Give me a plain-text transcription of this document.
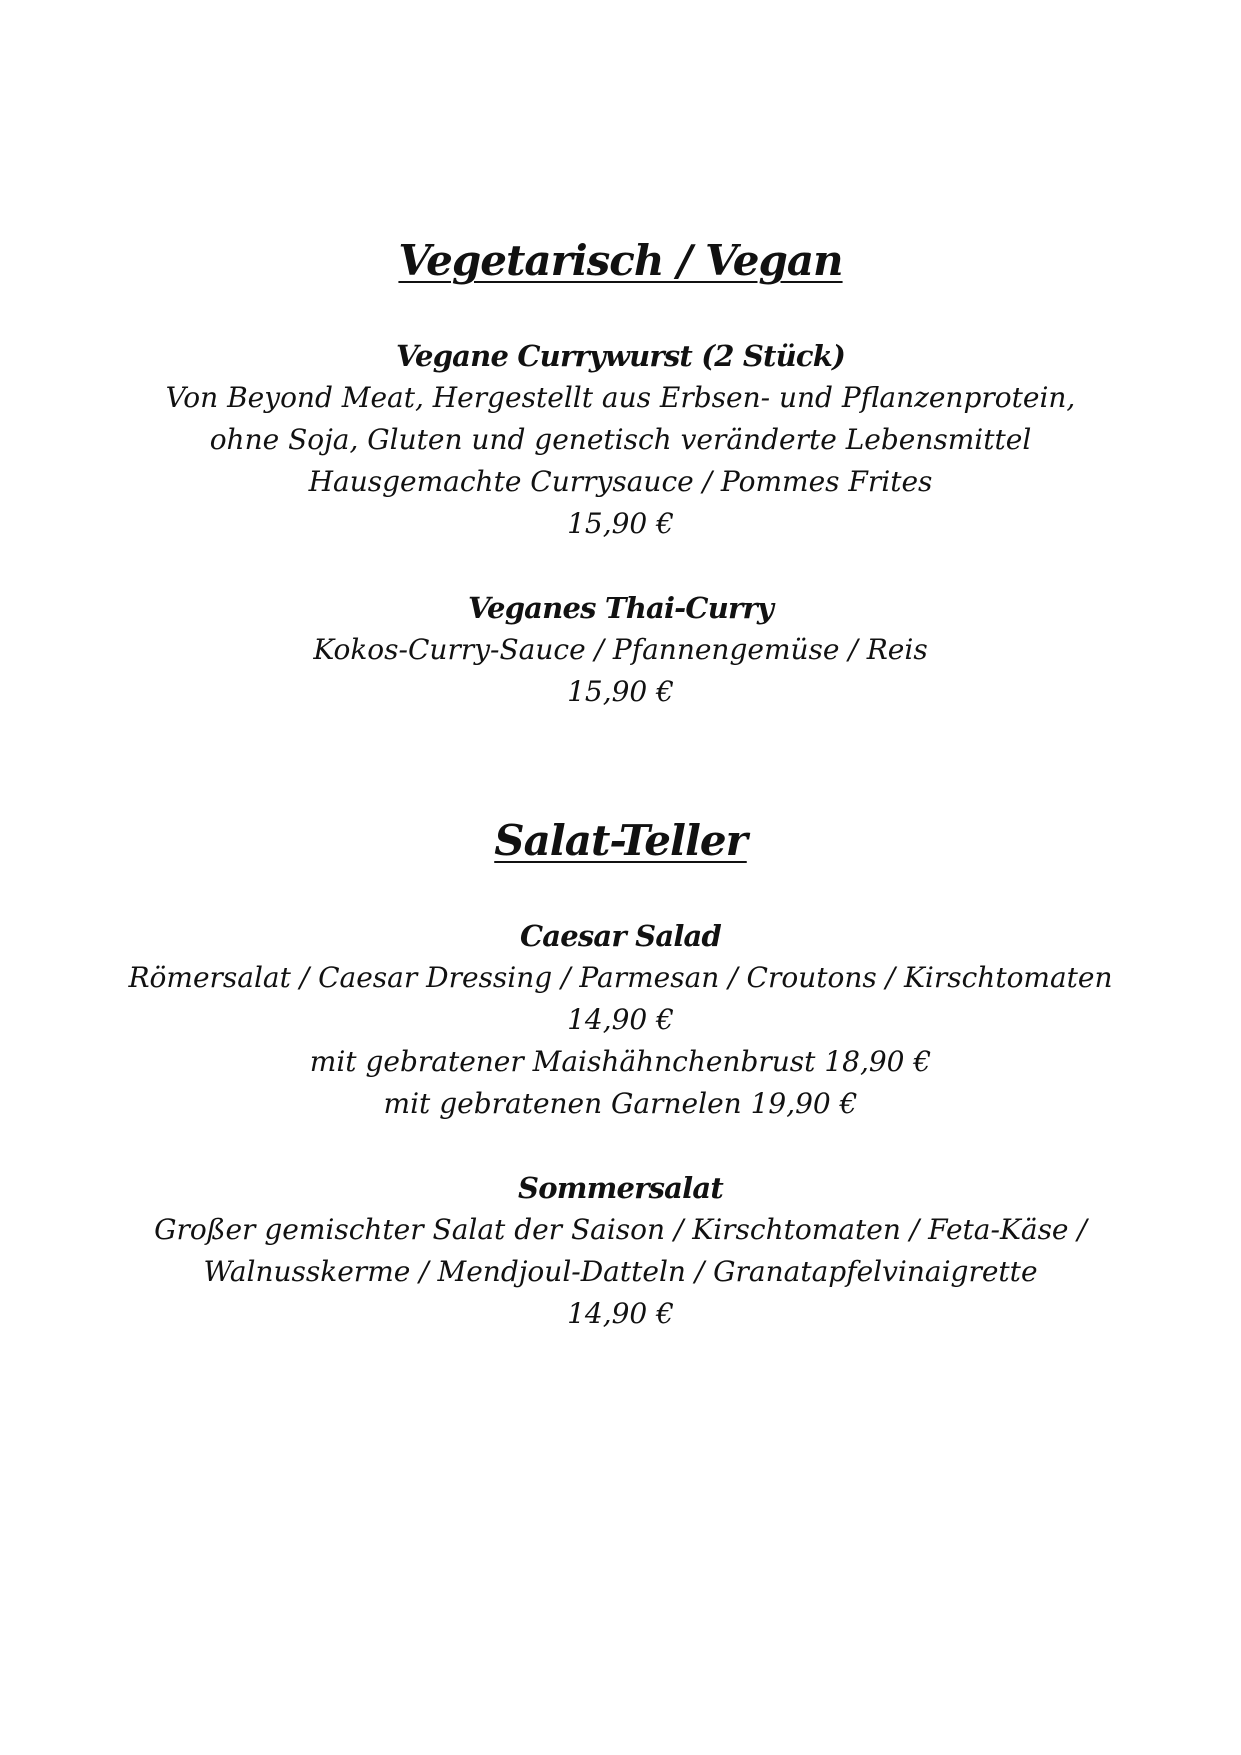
Vegetarisch / Vegan
Vegane Currywurst (2 Stück)
Von Beyond Meat, Hergestellt aus Erbsen- und Pflanzenprotein,
ohne Soja, Gluten und genetisch veränderte Lebensmittel
Hausgemachte Currysauce / Pommes Frites
15,90 €
Veganes Thai-Curry
Kokos-Curry-Sauce / Pfannengemüse / Reis
15,90 €
Salat-Teller
Caesar Salad
Römersalat / Caesar Dressing / Parmesan / Croutons / Kirschtomaten
14,90 €
mit gebratener Maishähnchenbrust 18,90 €
mit gebratenen Garnelen 19,90 €
Sommersalat
Großer gemischter Salat der Saison / Kirschtomaten / Feta-Käse /
Walnusskerme / Mendjoul-Datteln / Granatapfelvinaigrette
14,90 €
